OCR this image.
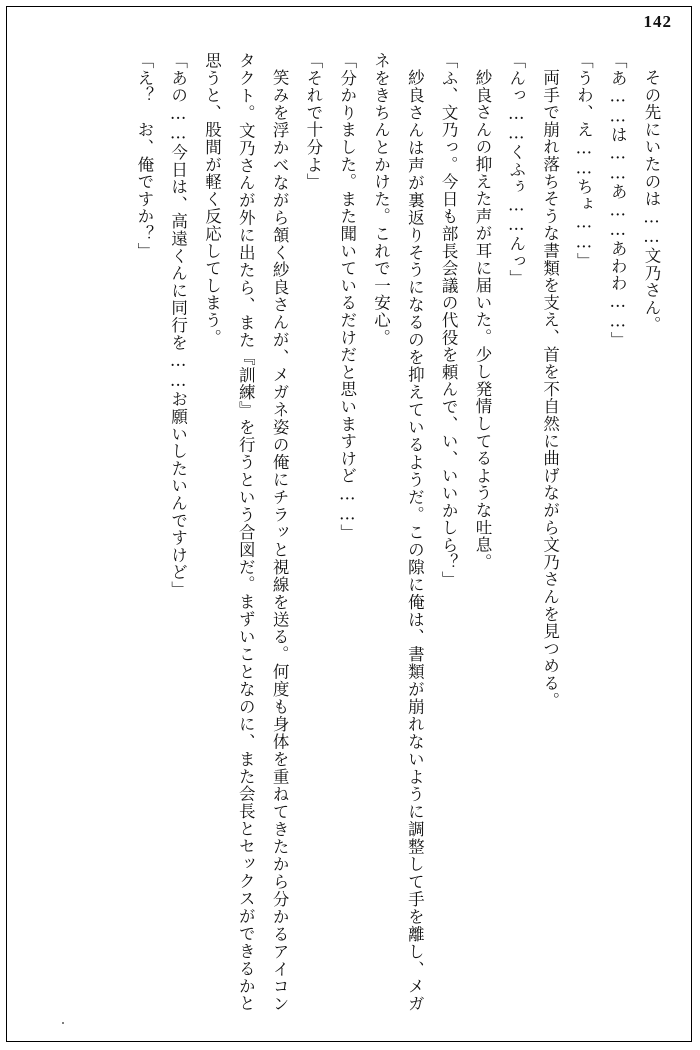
142

その先にいたのは……文乃さん。

「あ……は……あ……あわわ……」

「うわ、え……ちょ……」

両手で崩れ落ちそうな書類を支え、首を不自然に曲げながら文乃さんを見つめる。

「んっ……くふぅ……んっ」

紗良さんの抑えた声が耳に届いた。少し発情してるような吐息。

「ふ、文乃っ。今日も部長会議の代役を頼んで、い、いいかしら？」

紗良さんは声が裏返りそうになるのを抑えているようだ。この隙に俺は、書類が崩れないように調整して手を離し、メガネをきちんとかけた。これで一安心。

「分かりました。また聞いているだけだと思いますけど……」

「それで十分よ」

笑みを浮かべながら頷く紗良さんが、メガネ姿の俺にチラッと視線を送る。何度も身体を重ねてきたから分かるアイコンタクト。文乃さんが外に出たら、また『訓練』を行うという合図だ。まずいことなのに、また会長とセックスができるかと思うと、股間が軽く反応してしまう。

「あの……今日は、高遠くんに同行を……お願いしたいんですけど」

「え？　お、俺ですか？」
